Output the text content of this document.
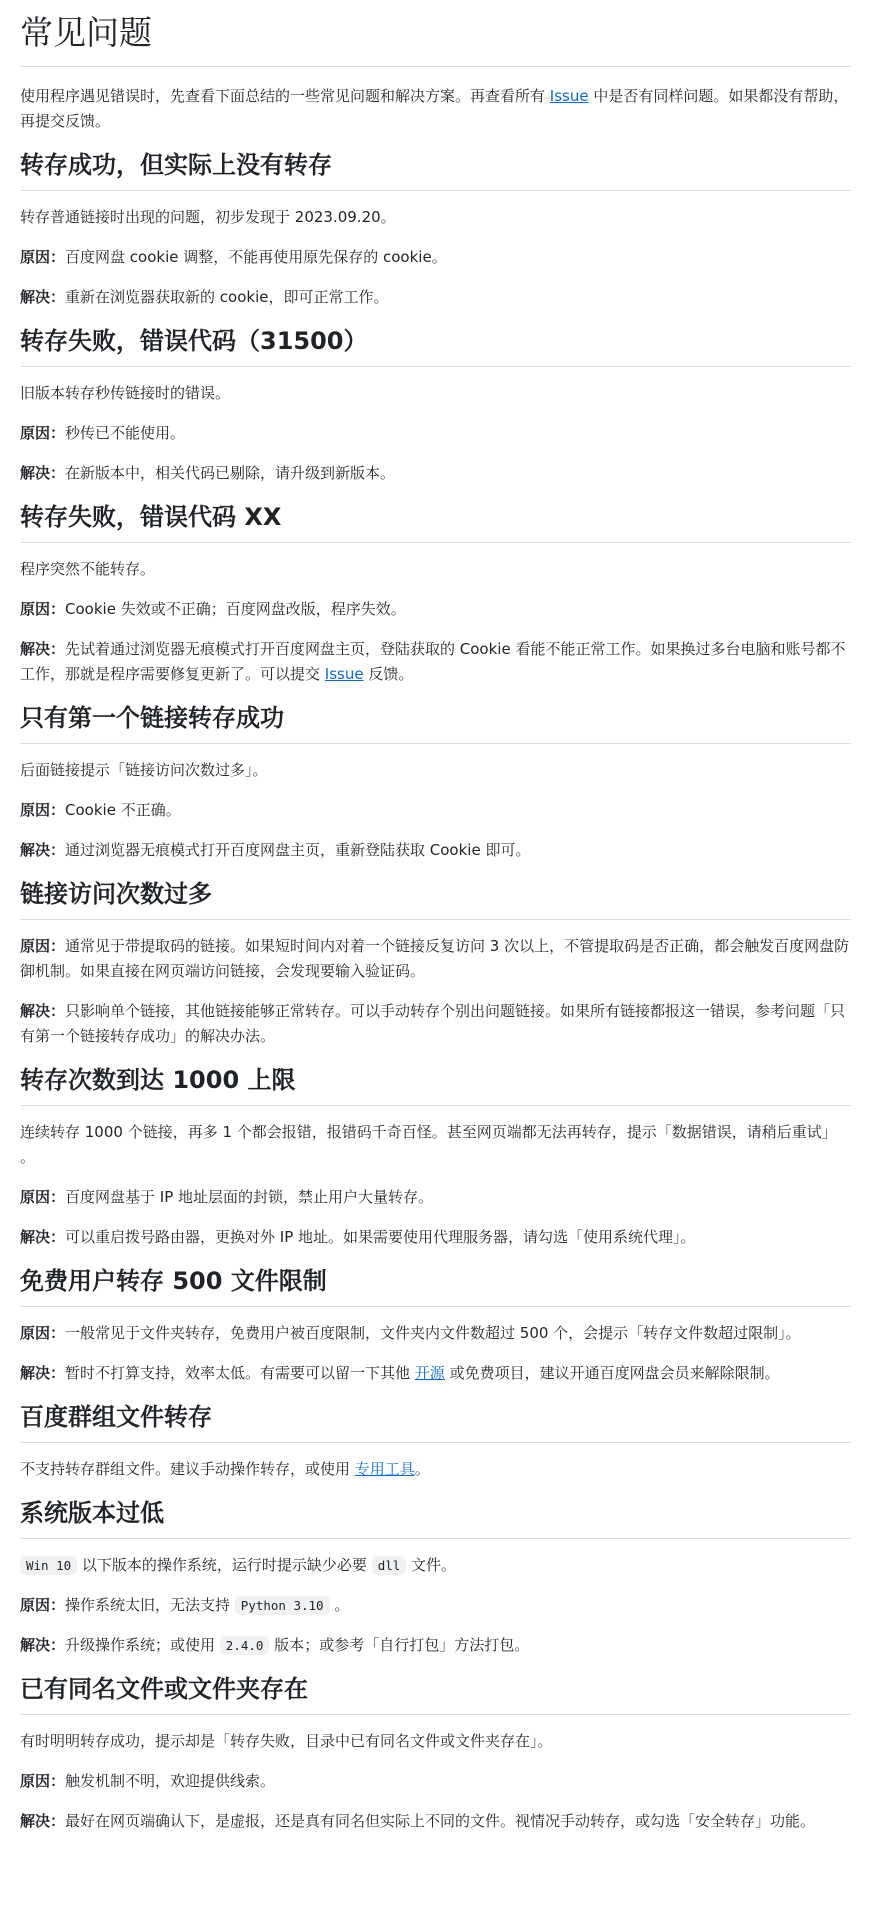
常见问题

使用程序遇见错误时，先查看下面总结的一些常见问题和解决方案。再查看所有 Issue 中是否有同样问题。如果都没有帮助，再提交反馈。

转存成功，但实际上没有转存

转存普通链接时出现的问题，初步发现于 2023.09.20。

原因：百度网盘 cookie 调整，不能再使用原先保存的 cookie。

解决：重新在浏览器获取新的 cookie，即可正常工作。

转存失败，错误代码（31500）

旧版本转存秒传链接时的错误。

原因：秒传已不能使用。

解决：在新版本中，相关代码已剔除，请升级到新版本。

转存失败，错误代码 XX

程序突然不能转存。

原因：Cookie 失效或不正确；百度网盘改版，程序失效。

解决：先试着通过浏览器无痕模式打开百度网盘主页，登陆获取的 Cookie 看能不能正常工作。如果换过多台电脑和账号都不工作，那就是程序需要修复更新了。可以提交 Issue 反馈。

只有第一个链接转存成功

后面链接提示「链接访问次数过多」。

原因：Cookie 不正确。

解决：通过浏览器无痕模式打开百度网盘主页，重新登陆获取 Cookie 即可。

链接访问次数过多

原因：通常见于带提取码的链接。如果短时间内对着一个链接反复访问 3 次以上，不管提取码是否正确，都会触发百度网盘防御机制。如果直接在网页端访问链接，会发现要输入验证码。

解决：只影响单个链接，其他链接能够正常转存。可以手动转存个别出问题链接。如果所有链接都报这一错误，参考问题「只有第一个链接转存成功」的解决办法。

转存次数到达 1000 上限

连续转存 1000 个链接，再多 1 个都会报错，报错码千奇百怪。甚至网页端都无法再转存，提示「数据错误，请稍后重试」 。

原因：百度网盘基于 IP 地址层面的封锁，禁止用户大量转存。

解决：可以重启拨号路由器，更换对外 IP 地址。如果需要使用代理服务器，请勾选「使用系统代理」。

免费用户转存 500 文件限制

原因：一般常见于文件夹转存，免费用户被百度限制，文件夹内文件数超过 500 个，会提示「转存文件数超过限制」。

解决：暂时不打算支持，效率太低。有需要可以留一下其他 开源 或免费项目，建议开通百度网盘会员来解除限制。

百度群组文件转存

不支持转存群组文件。建议手动操作转存，或使用 专用工具。

系统版本过低

Win 10 以下版本的操作系统，运行时提示缺少必要 dll 文件。

原因：操作系统太旧，无法支持 Python 3.10 。

解决：升级操作系统；或使用 2.4.0 版本；或参考「自行打包」方法打包。

已有同名文件或文件夹存在

有时明明转存成功，提示却是「转存失败，目录中已有同名文件或文件夹存在」。

原因：触发机制不明，欢迎提供线索。

解决：最好在网页端确认下，是虚报，还是真有同名但实际上不同的文件。视情况手动转存，或勾选「安全转存」功能。
